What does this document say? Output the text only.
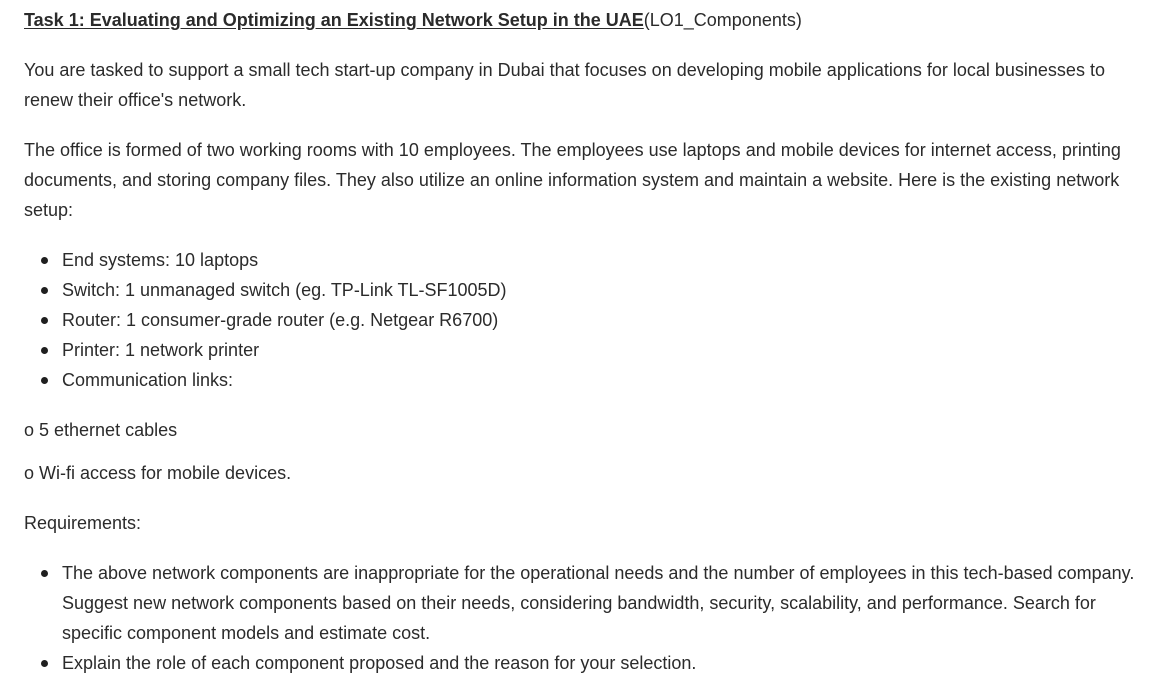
Task 1: Evaluating and Optimizing an Existing Network Setup in the UAE(LO1_Components)

You are tasked to support a small tech start-up company in Dubai that focuses on developing mobile applications for local businesses to renew their office's network.

The office is formed of two working rooms with 10 employees. The employees use laptops and mobile devices for internet access, printing documents, and storing company files. They also utilize an online information system and maintain a website. Here is the existing network setup:

End systems: 10 laptops
Switch: 1 unmanaged switch (eg. TP-Link TL-SF1005D)
Router: 1 consumer-grade router (e.g. Netgear R6700)
Printer: 1 network printer
Communication links:
o 5 ethernet cables

o Wi-fi access for mobile devices.

Requirements:

The above network components are inappropriate for the operational needs and the number of employees in this tech-based company. Suggest new network components based on their needs, considering bandwidth, security, scalability, and performance. Search for specific component models and estimate cost.
Explain the role of each component proposed and the reason for your selection.
